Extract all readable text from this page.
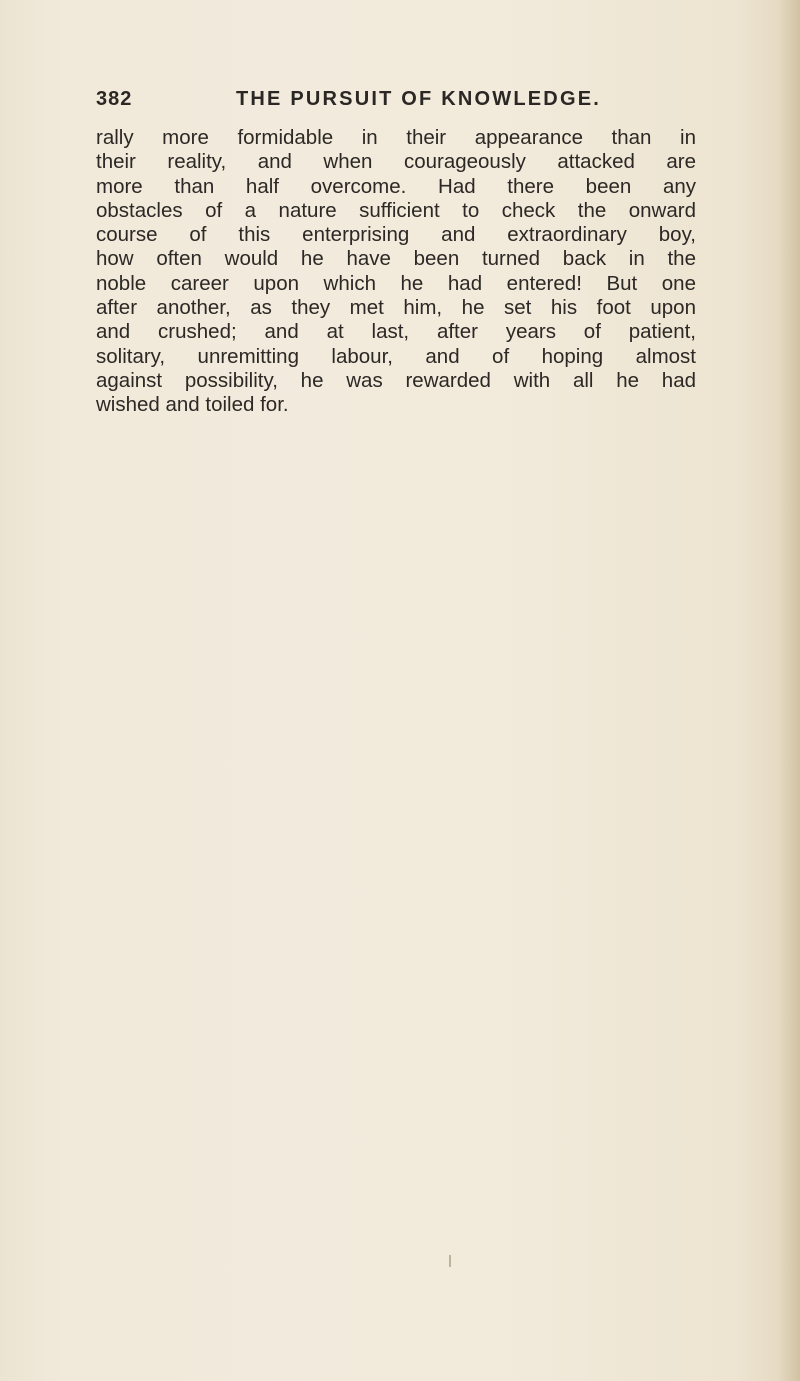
382	THE PURSUIT OF KNOWLEDGE.
rally more formidable in their appearance than in
their reality, and when courageously attacked are
more than half overcome. Had there been any
obstacles of a nature sufficient to check the onward
course of this enterprising and extraordinary boy,
how often would he have been turned back in the
noble career upon which he had entered! But one
after another, as they met him, he set his foot upon
and crushed; and at last, after years of patient,
solitary, unremitting labour, and of hoping almost
against possibility, he was rewarded with all he had
wished and toiled for.
